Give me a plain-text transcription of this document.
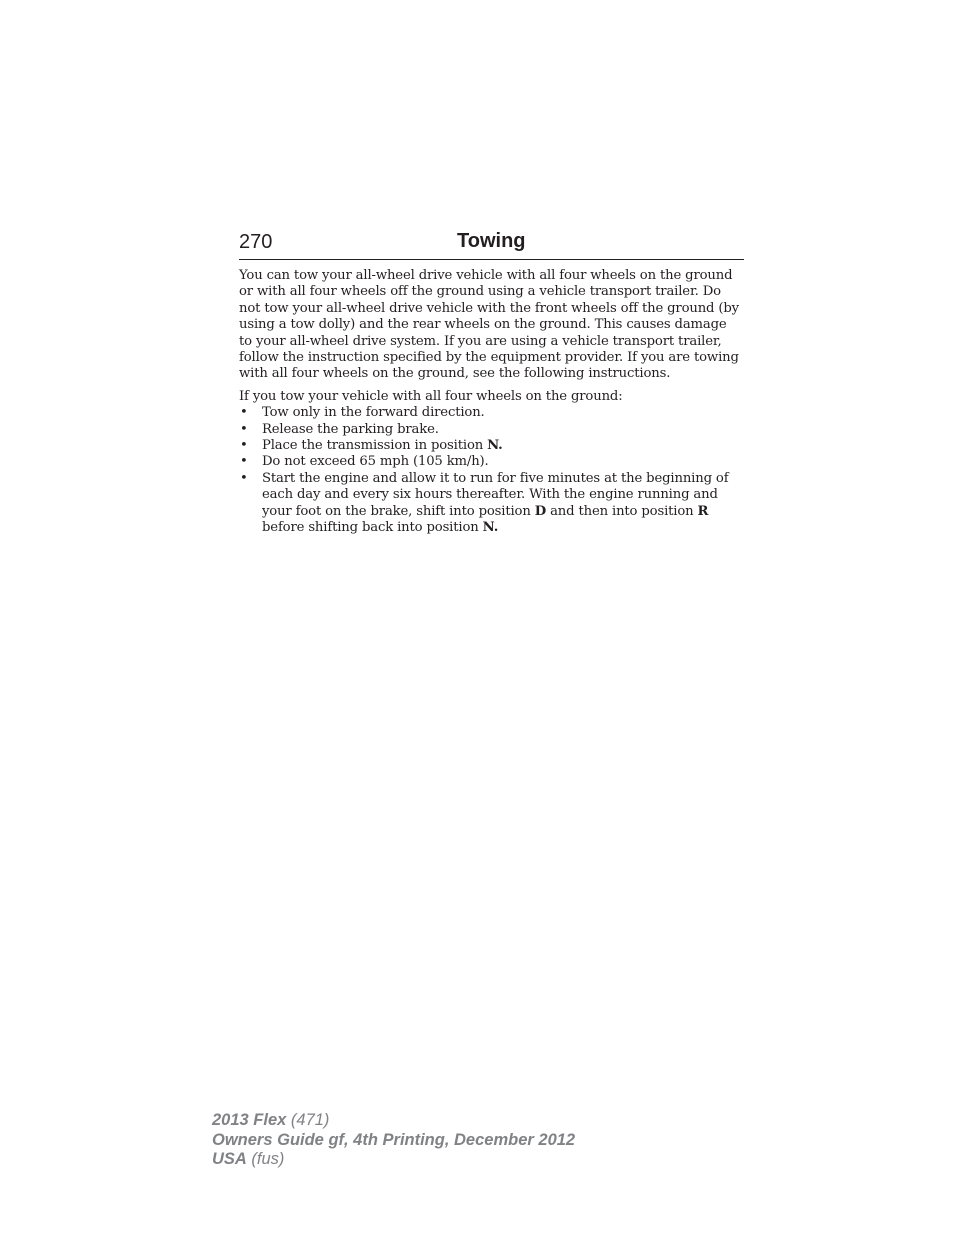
270	Towing

You can tow your all-wheel drive vehicle with all four wheels on the ground or with all four wheels off the ground using a vehicle transport trailer. Do not tow your all-wheel drive vehicle with the front wheels off the ground (by using a tow dolly) and the rear wheels on the ground. This causes damage to your all-wheel drive system. If you are using a vehicle transport trailer, follow the instruction specified by the equipment provider. If you are towing with all four wheels on the ground, see the following instructions.

If you tow your vehicle with all four wheels on the ground:

• Tow only in the forward direction.
• Release the parking brake.
• Place the transmission in position N.
• Do not exceed 65 mph (105 km/h).
• Start the engine and allow it to run for five minutes at the beginning of each day and every six hours thereafter. With the engine running and your foot on the brake, shift into position D and then into position R before shifting back into position N.
2013 Flex (471)
Owners Guide gf, 4th Printing, December 2012
USA (fus)
